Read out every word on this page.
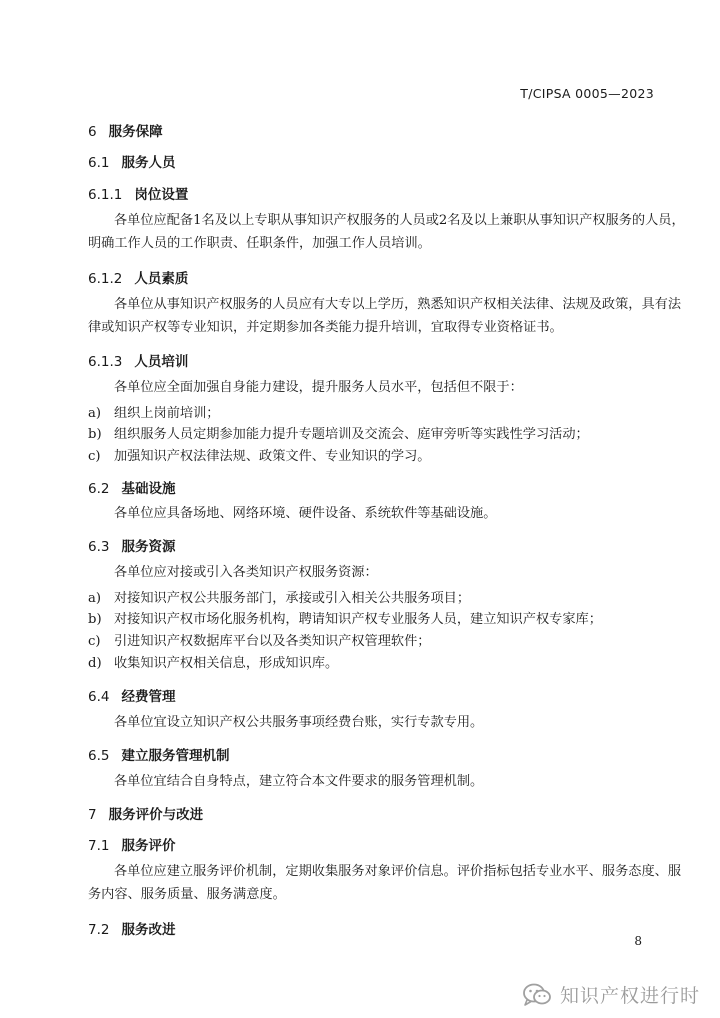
T/CIPSA 0005—2023
6 服务保障
6.1 服务人员
6.1.1 岗位设置
各单位应配备1名及以上专职从事知识产权服务的人员或2名及以上兼职从事知识产权服务的人员，
明确工作人员的工作职责、任职条件，加强工作人员培训。
6.1.2 人员素质
各单位从事知识产权服务的人员应有大专以上学历，熟悉知识产权相关法律、法规及政策，具有法
律或知识产权等专业知识，并定期参加各类能力提升培训，宜取得专业资格证书。
6.1.3 人员培训
各单位应全面加强自身能力建设，提升服务人员水平，包括但不限于：
a) 组织上岗前培训；
b) 组织服务人员定期参加能力提升专题培训及交流会、庭审旁听等实践性学习活动；
c) 加强知识产权法律法规、政策文件、专业知识的学习。
6.2 基础设施
各单位应具备场地、网络环境、硬件设备、系统软件等基础设施。
6.3 服务资源
各单位应对接或引入各类知识产权服务资源：
a) 对接知识产权公共服务部门，承接或引入相关公共服务项目；
b) 对接知识产权市场化服务机构，聘请知识产权专业服务人员，建立知识产权专家库；
c) 引进知识产权数据库平台以及各类知识产权管理软件；
d) 收集知识产权相关信息，形成知识库。
6.4 经费管理
各单位宜设立知识产权公共服务事项经费台账，实行专款专用。
6.5 建立服务管理机制
各单位宜结合自身特点，建立符合本文件要求的服务管理机制。
7 服务评价与改进
7.1 服务评价
各单位应建立服务评价机制，定期收集服务对象评价信息。评价指标包括专业水平、服务态度、服
务内容、服务质量、服务满意度。
7.2 服务改进
8
知识产权进行时
